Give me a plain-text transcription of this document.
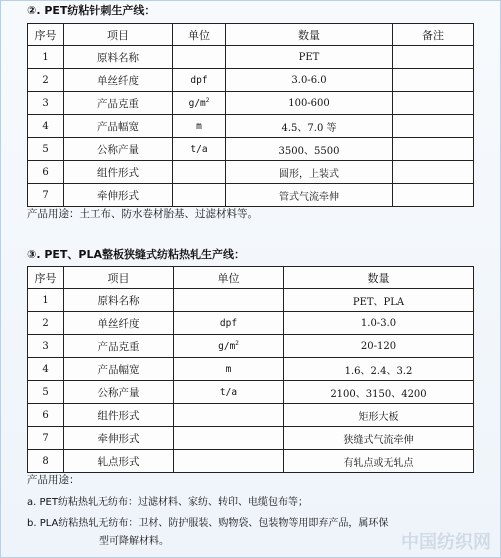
②. PET纺粘针刺生产线：
序号	项目	单位	数量	备注
1	原料名称		PET	
2	单丝纤度	dpf	3.0-6.0	
3	产品克重	$g/m^2$	100-600	
4	产品幅宽	m	4.5、7.0 等	
5	公称产量	t/a	3500、5500	
6	组件形式		圆形，上装式	
7	牵伸形式		管式气流牵伸	
产品用途：土工布、防水卷材胎基、过滤材料等。
③. PET、PLA整板狭缝式纺粘热轧生产线：
序号	项目	单位	数量
1	原料名称		PET、PLA
2	单丝纤度	dpf	1.0-3.0
3	产品克重	$g/m^2$	20-120
4	产品幅宽	m	1.6、2.4、3.2
5	公称产量	t/a	2100、3150、4200
6	组件形式		矩形大板
7	牵伸形式		狭缝式气流牵伸
8	轧点形式		有轧点或无轧点
产品用途：
a. PET纺粘热轧无纺布：过滤材料、家纺、转印、电缆包布等；
b. PLA纺粘热轧无纺布：卫材、防护服装、购物袋、包装物等用即弃产品，属环保
型可降解材料。	中国纺织网
